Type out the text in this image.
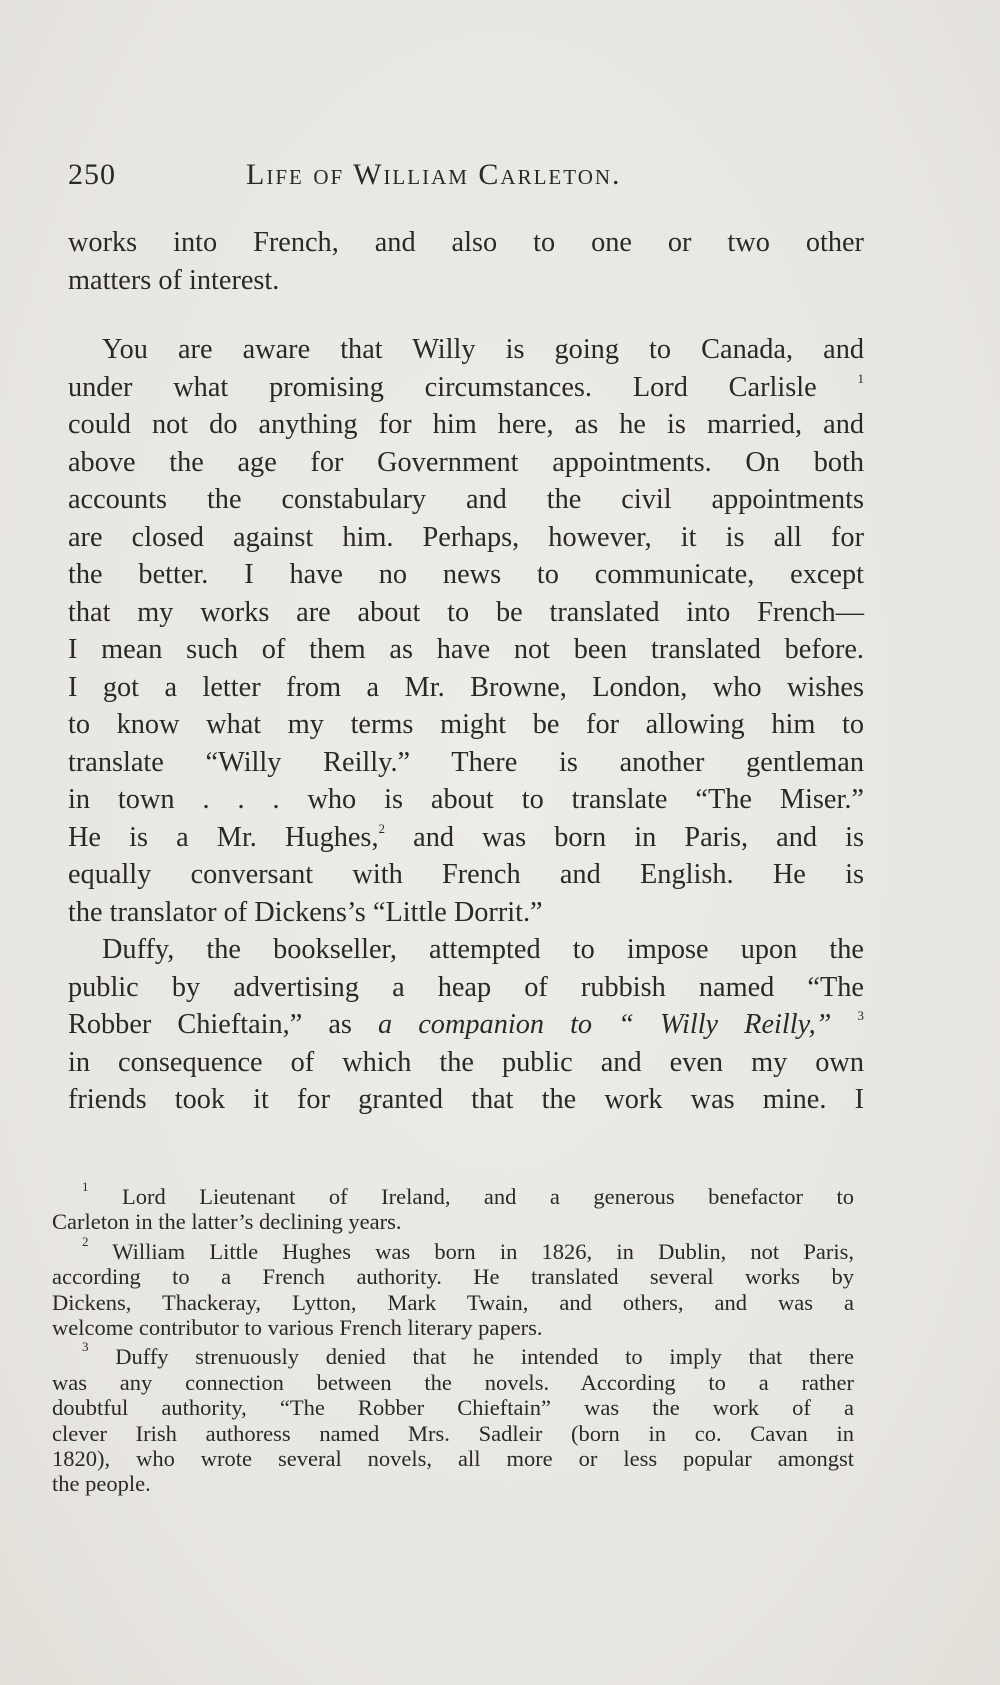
250	Life of William Carleton.
works into French, and also to one or two other
matters of interest.
You are aware that Willy is going to Canada, and
under what promising circumstances. Lord Carlisle	$^1$
could not do anything for him here, as he is married, and
above the age for Government appointments. On both
accounts the constabulary and the civil appointments
are closed against him. Perhaps, however, it is all for
the better. I have no news to communicate, except
that my works are about to be translated into French—
I mean such of them as have not been translated before.
I got a letter from a Mr. Browne, London, who wishes
to know what my terms might be for allowing him to
translate “Willy Reilly.” There is another gentleman
in town . . . who is about to translate “The Miser.”
He is a Mr. Hughes,$^2$ and was born in Paris, and is
equally conversant with French and English. He is
the translator of Dickens’s “Little Dorrit.”
Duffy, the bookseller, attempted to impose upon the
public by advertising a heap of rubbish named “The
Robber Chieftain,” as a companion to “ Willy Reilly,” $^3$
in consequence of which the public and even my own
friends took it for granted that the work was mine. I
$^1$ Lord Lieutenant of Ireland, and a generous benefactor to
Carleton in the latter’s declining years.
$^2$ William Little Hughes was born in 1826, in Dublin, not Paris,
according to a French authority. He translated several works by
Dickens, Thackeray, Lytton, Mark Twain, and others, and was a
welcome contributor to various French literary papers.
$^3$ Duffy strenuously denied that he intended to imply that there
was any connection between the novels. According to a rather
doubtful authority, “The Robber Chieftain” was the work of a
clever Irish authoress named Mrs. Sadleir (born in co. Cavan in
1820), who wrote several novels, all more or less popular amongst
the people.
